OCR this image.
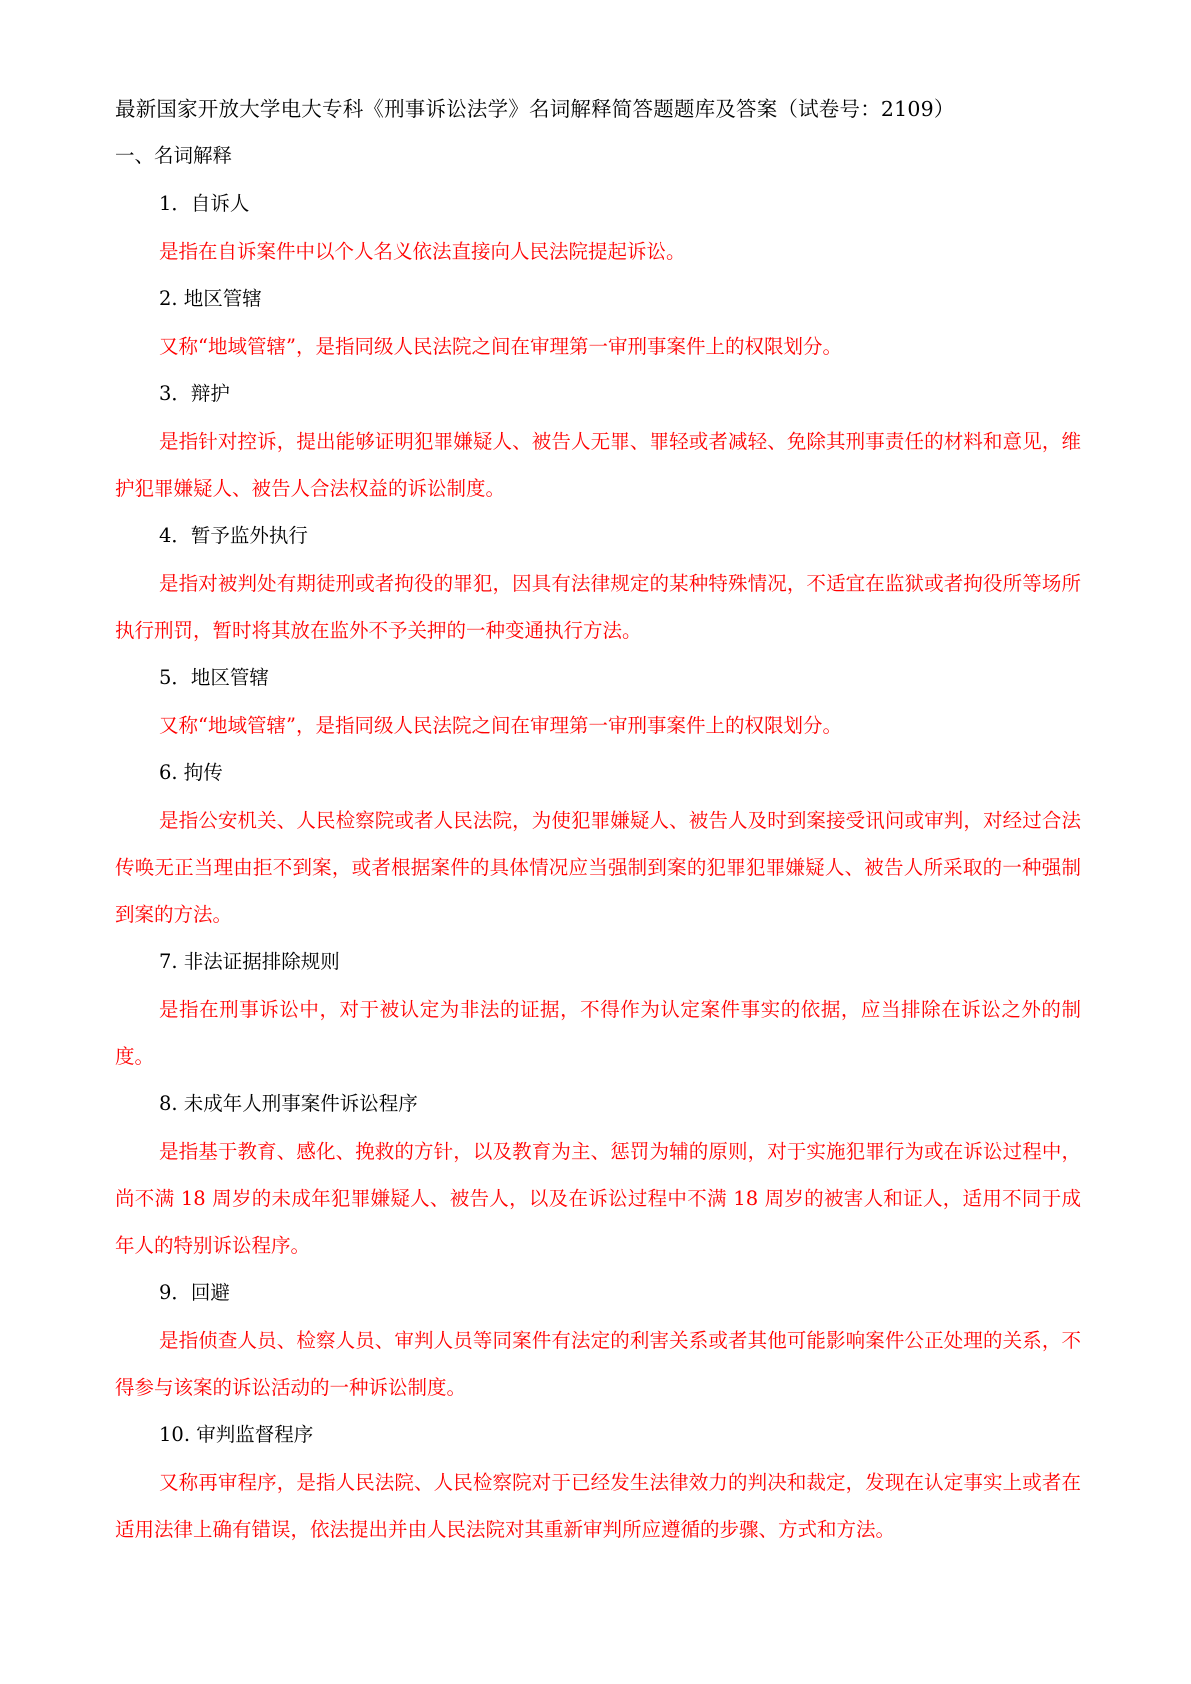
最新国家开放大学电大专科《刑事诉讼法学》名词解释简答题题库及答案（试卷号：2109）
一、名词解释
1．自诉人
是指在自诉案件中以个人名义依法直接向人民法院提起诉讼。
2. 地区管辖
又称“地域管辖”，是指同级人民法院之间在审理第一审刑事案件上的权限划分。
3．辩护
是指针对控诉，提出能够证明犯罪嫌疑人、被告人无罪、罪轻或者减轻、免除其刑事责任的材料和意见，维护犯罪嫌疑人、被告人合法权益的诉讼制度。
4．暂予监外执行
是指对被判处有期徒刑或者拘役的罪犯，因具有法律规定的某种特殊情况，不适宜在监狱或者拘役所等场所执行刑罚，暂时将其放在监外不予关押的一种变通执行方法。
5．地区管辖
又称“地域管辖”，是指同级人民法院之间在审理第一审刑事案件上的权限划分。
6. 拘传
是指公安机关、人民检察院或者人民法院，为使犯罪嫌疑人、被告人及时到案接受讯问或审判，对经过合法传唤无正当理由拒不到案，或者根据案件的具体情况应当强制到案的犯罪犯罪嫌疑人、被告人所采取的一种强制到案的方法。
7. 非法证据排除规则
是指在刑事诉讼中，对于被认定为非法的证据，不得作为认定案件事实的依据，应当排除在诉讼之外的制度。
8. 未成年人刑事案件诉讼程序
是指基于教育、感化、挽救的方针，以及教育为主、惩罚为辅的原则，对于实施犯罪行为或在诉讼过程中，尚不满 18 周岁的未成年犯罪嫌疑人、被告人，以及在诉讼过程中不满 18 周岁的被害人和证人，适用不同于成年人的特别诉讼程序。
9．回避
是指侦查人员、检察人员、审判人员等同案件有法定的利害关系或者其他可能影响案件公正处理的关系，不得参与该案的诉讼活动的一种诉讼制度。
10. 审判监督程序
又称再审程序，是指人民法院、人民检察院对于已经发生法律效力的判决和裁定，发现在认定事实上或者在适用法律上确有错误，依法提出并由人民法院对其重新审判所应遵循的步骤、方式和方法。
